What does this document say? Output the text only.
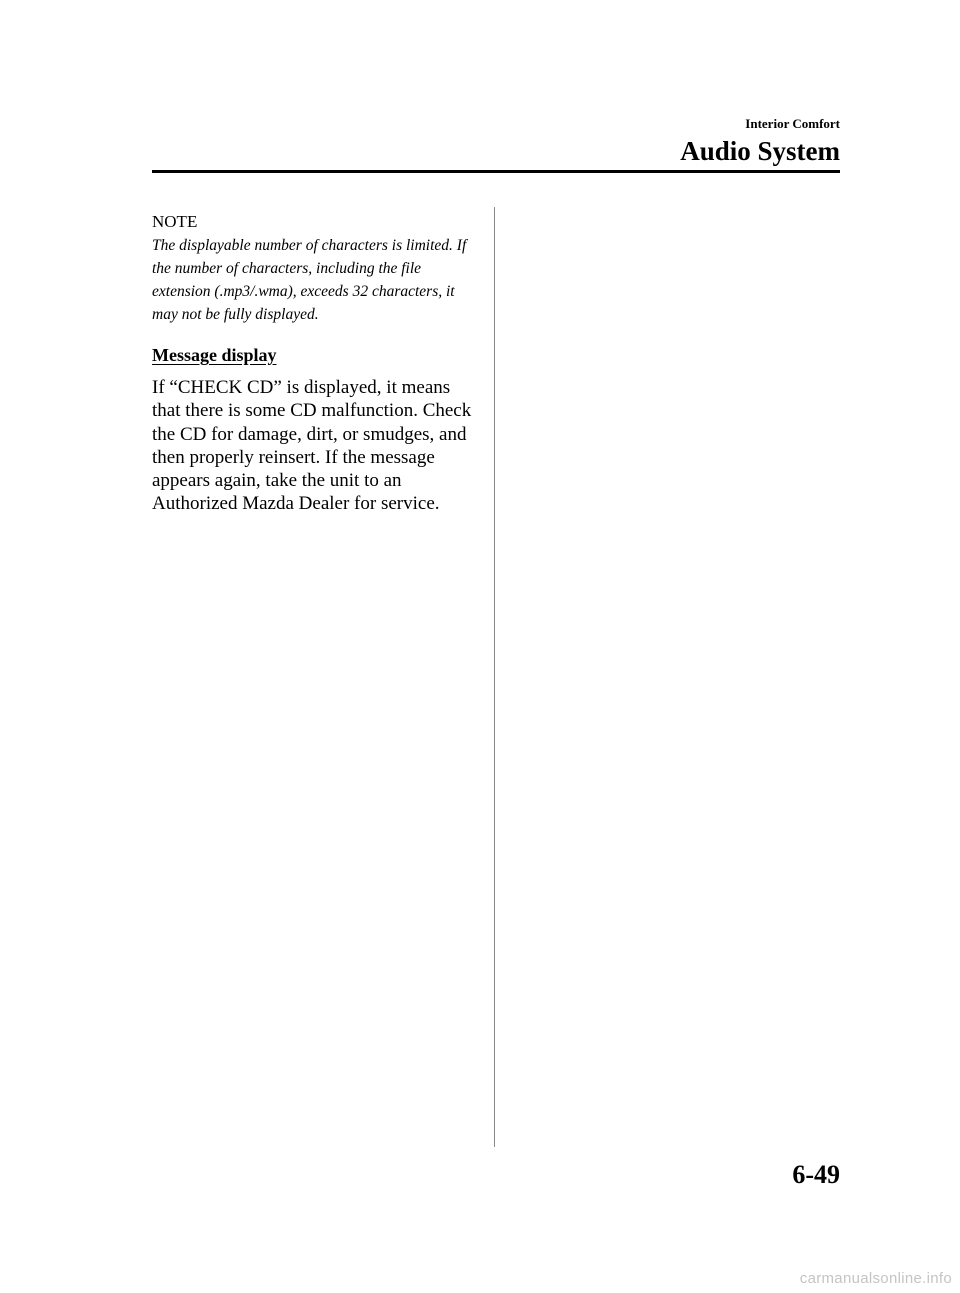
Interior Comfort
Audio System

NOTE

The displayable number of characters is limited. If the number of characters, including the file extension (.mp3/.wma), exceeds 32 characters, it may not be fully displayed.

Message display

If “CHECK CD” is displayed, it means that there is some CD malfunction. Check the CD for damage, dirt, or smudges, and then properly reinsert. If the message appears again, take the unit to an Authorized Mazda Dealer for service.

6-49
carmanualsonline.info
